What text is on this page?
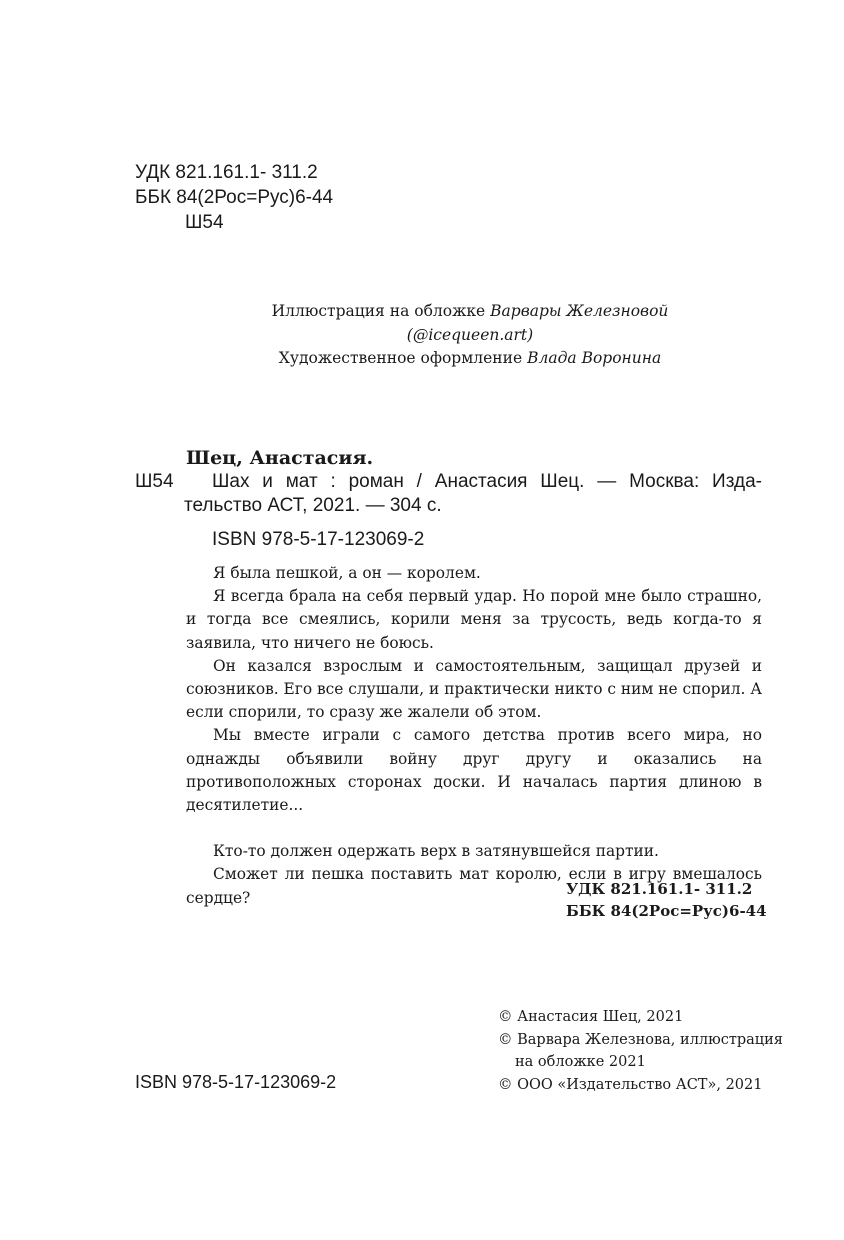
УДК 821.161.1- 311.2
ББК 84(2Рос=Рус)6-44
Ш54
Иллюстрация на обложке Варвары Железновой
(@icequeen.art)
Художественное оформление Влада Воронина
Шец, Анастасия.
Ш54 Шах и мат : роман / Анастасия Шец. — Москва: Изда-
тельство АСТ, 2021. — 304 с.
ISBN 978-5-17-123069-2

Я была пешкой, а он — королем.

Я всегда брала на себя первый удар. Но порой мне было страшно, и тогда все смеялись, корили меня за трусость, ведь когда-то я заявила, что ничего не боюсь.

Он казался взрослым и самостоятельным, защищал друзей и союзников. Его все слушали, и практически никто с ним не спорил. А если спорили, то сразу же жалели об этом.

Мы вместе играли с самого детства против всего мира, но однажды объявили войну друг другу и оказались на противоположных сторонах доски. И началась партия длиною в десятилетие...

Кто-то должен одержать верх в затянувшейся партии.

Сможет ли пешка поставить мат королю, если в игру вмешалось сердце?	УДК 821.161.1- 311.2
ББК 84(2Рос=Рус)6-44
© Анастасия Шец, 2021
© Варвара Железнова, иллюстрация
на обложке 2021
© ООО «Издательство АСТ», 2021
ISBN 978-5-17-123069-2
